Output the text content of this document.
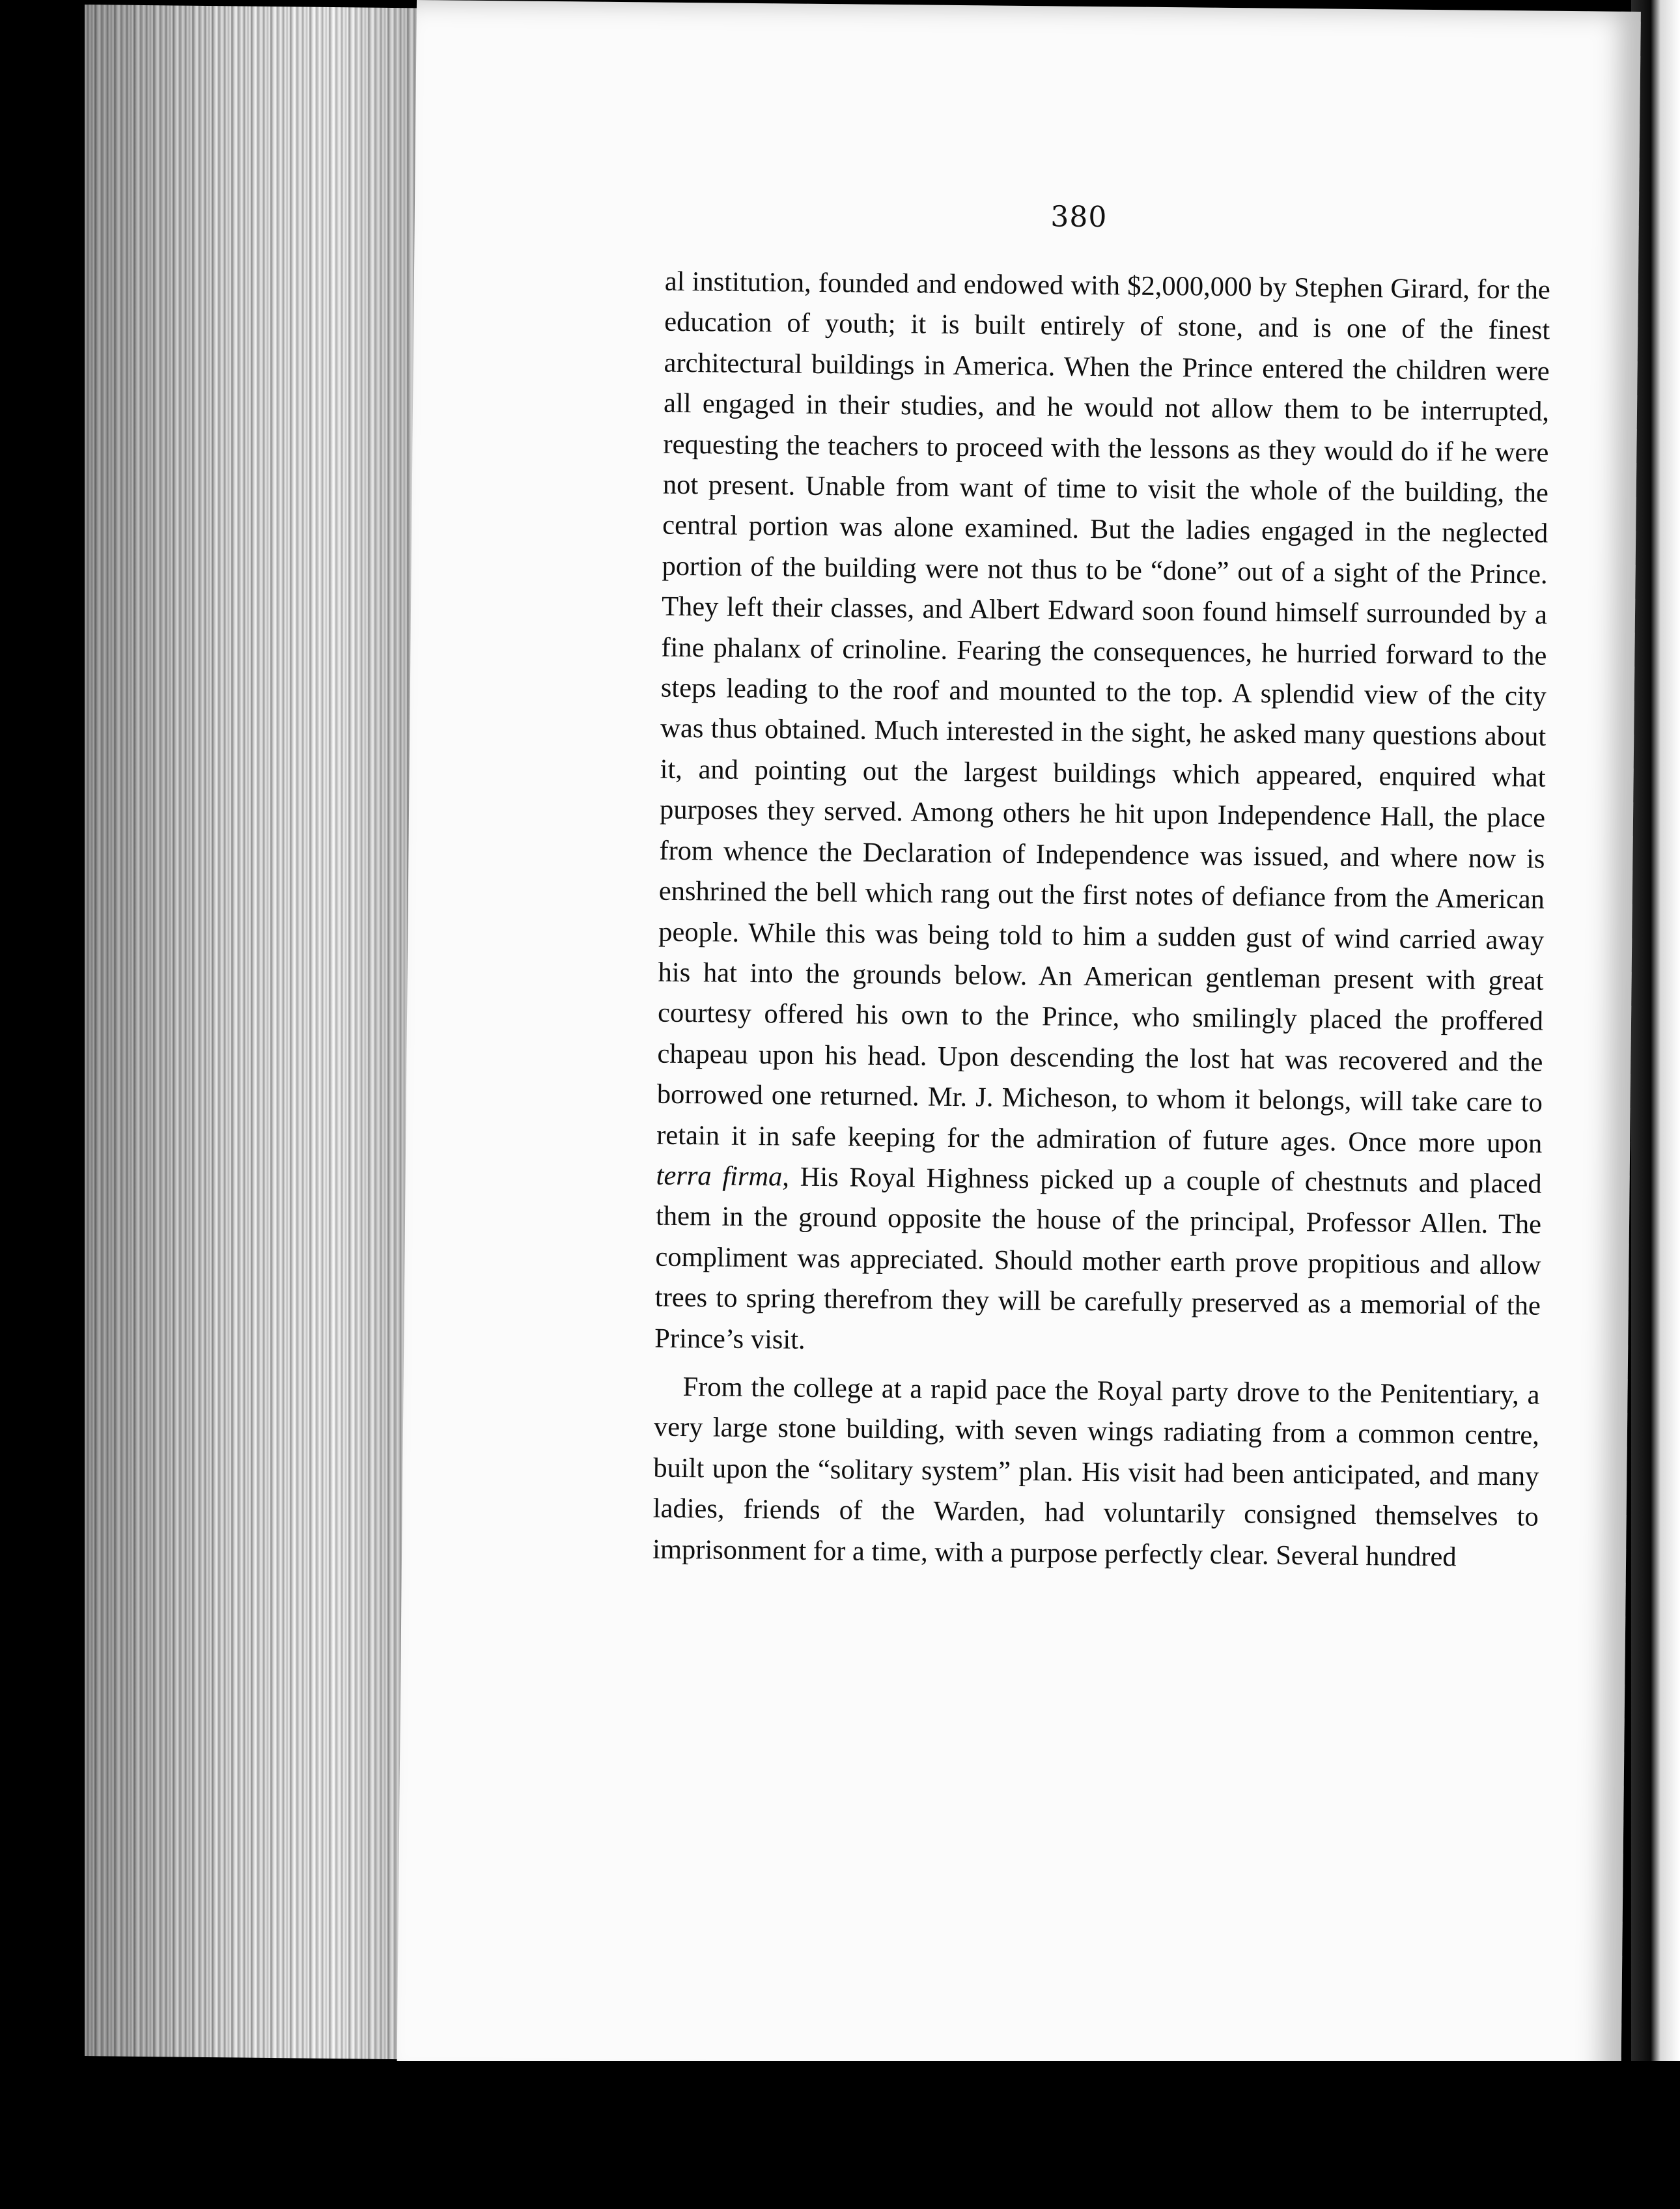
380

al institution, founded and endowed with $2,000,000 by Stephen Girard, for the education of youth; it is built entirely of stone, and is one of the finest architectural buildings in America. When the Prince entered the children were all engaged in their studies, and he would not allow them to be interrupted, requesting the teachers to proceed with the lessons as they would do if he were not present. Unable from want of time to visit the whole of the building, the central portion was alone examined. But the ladies engaged in the neglected portion of the building were not thus to be “done” out of a sight of the Prince. They left their classes, and Albert Edward soon found himself surrounded by a fine phalanx of crinoline. Fearing the consequences, he hurried forward to the steps leading to the roof and mounted to the top. A splendid view of the city was thus obtained. Much interested in the sight, he asked many questions about it, and pointing out the largest buildings which appeared, enquired what purposes they served. Among others he hit upon Independence Hall, the place from whence the Declaration of Independence was issued, and where now is enshrined the bell which rang out the first notes of defiance from the American people. While this was being told to him a sudden gust of wind carried away his hat into the grounds below. An American gentleman present with great courtesy offered his own to the Prince, who smilingly placed the proffered chapeau upon his head. Upon descending the lost hat was recovered and the borrowed one returned. Mr. J. Micheson, to whom it belongs, will take care to retain it in safe keeping for the admiration of future ages. Once more upon terra firma, His Royal Highness picked up a couple of chestnuts and placed them in the ground opposite the house of the principal, Professor Allen. The compliment was appreciated. Should mother earth prove propitious and allow trees to spring therefrom they will be carefully preserved as a memorial of the Prince’s visit.

From the college at a rapid pace the Royal party drove to the Penitentiary, a very large stone building, with seven wings radiating from a common centre, built upon the “solitary system” plan. His visit had been anticipated, and many ladies, friends of the Warden, had voluntarily consigned themselves to imprisonment for a time, with a purpose perfectly clear. Several hundred
